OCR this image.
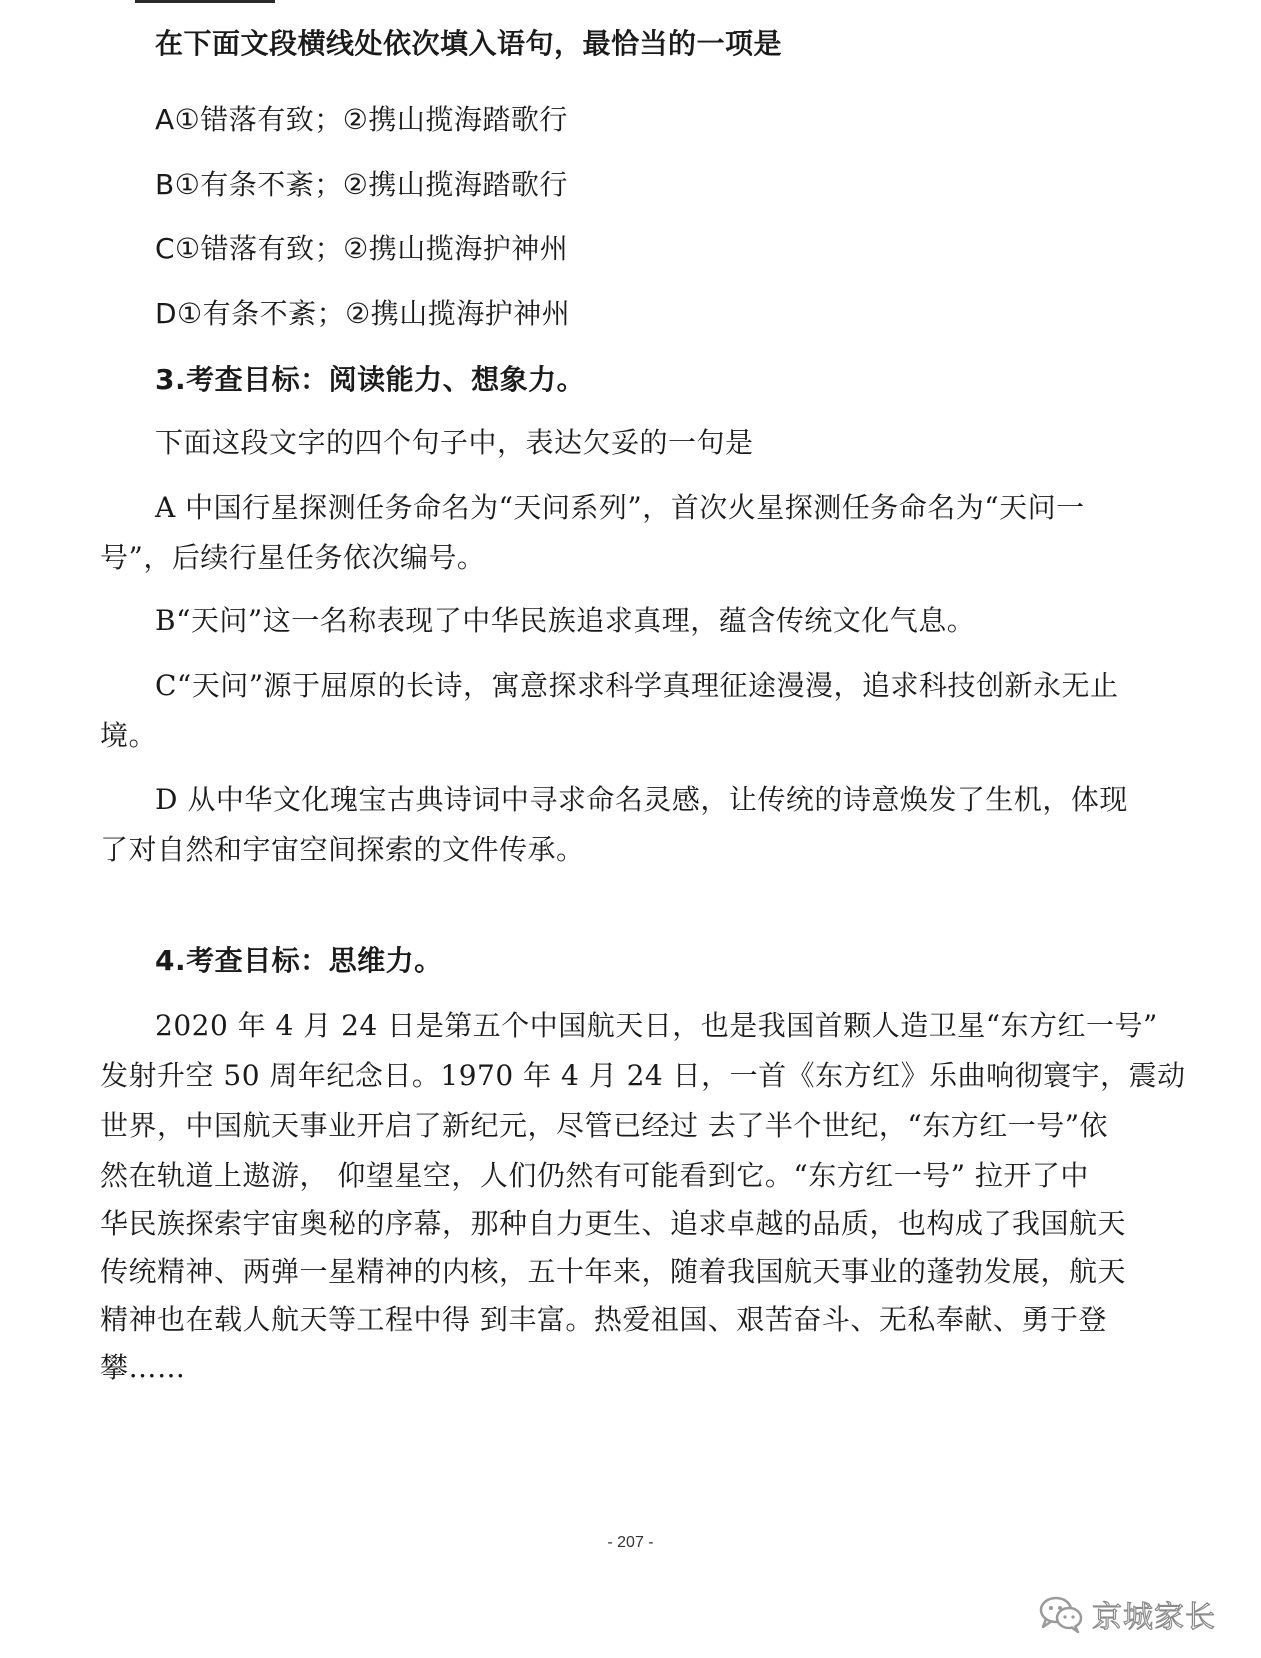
在下面文段横线处依次填入语句，最恰当的一项是
A①错落有致；②携山揽海踏歌行
B①有条不紊；②携山揽海踏歌行
C①错落有致；②携山揽海护神州
D①有条不紊；②携山揽海护神州
3.考查目标：阅读能力、想象力。
下面这段文字的四个句子中，表达欠妥的一句是
A 中国行星探测任务命名为“天问系列”，首次火星探测任务命名为“天问一
号”，后续行星任务依次编号。
B“天问”这一名称表现了中华民族追求真理，蕴含传统文化气息。
C“天问”源于屈原的长诗，寓意探求科学真理征途漫漫，追求科技创新永无止
境。
D 从中华文化瑰宝古典诗词中寻求命名灵感，让传统的诗意焕发了生机，体现
了对自然和宇宙空间探索的文件传承。
4.考查目标：思维力。
2020 年 4 月 24 日是第五个中国航天日，也是我国首颗人造卫星“东方红一号”
发射升空 50 周年纪念日。1970 年 4 月 24 日，一首《东方红》乐曲响彻寰宇，震动
世界，中国航天事业开启了新纪元，尽管已经过 去了半个世纪，“东方红一号”依
然在轨道上遨游， 仰望星空，人们仍然有可能看到它。“东方红一号” 拉开了中
华民族探索宇宙奥秘的序幕，那种自力更生、追求卓越的品质，也构成了我国航天
传统精神、两弹一星精神的内核，五十年来，随着我国航天事业的蓬勃发展，航天
精神也在载人航天等工程中得 到丰富。热爱祖国、艰苦奋斗、无私奉献、勇于登
攀……
- 207 -
京城家长
